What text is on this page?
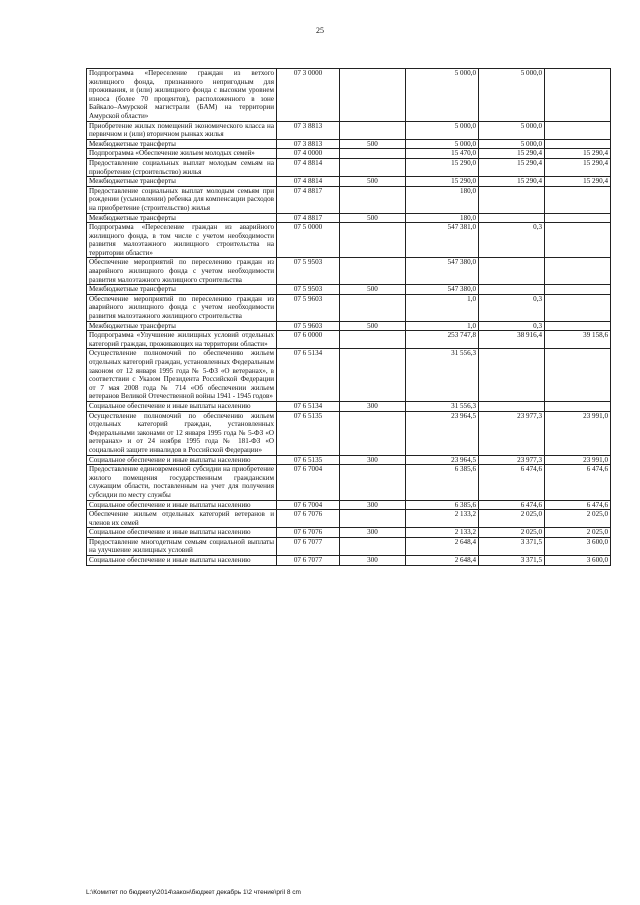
25
Подпрограмма «Переселение граждан из ветхого жилищного фонда, признанного непригодным для проживания, и (или) жилищного фонда с высоким уровнем износа (более 70 процентов), расположенного в зоне Байкало–Амурской магистрали (БАМ) на территории Амурской области»	07 3 0000		5 000,0	5 000,0	
Приобретение жилых помещений экономического класса на первичном и (или) вторичном рынках жилья	07 3 8813		5 000,0	5 000,0	
Межбюджетные трансферты	07 3 8813	500	5 000,0	5 000,0	
Подпрограмма «Обеспечение жильем молодых семей»	07 4 0000		15 470,0	15 290,4	15 290,4
Предоставление социальных выплат молодым семьям на приобретение (строительство) жилья	07 4 8814		15 290,0	15 290,4	15 290,4
Межбюджетные трансферты	07 4 8814	500	15 290,0	15 290,4	15 290,4
Предоставление социальных выплат молодым семьям при рождении (усыновлении) ребенка для компенсации расходов на приобретение (строительство) жилья	07 4 8817		180,0		
Межбюджетные трансферты	07 4 8817	500	180,0		
Подпрограмма «Переселение граждан из аварийного жилищного фонда, в том числе с учетом необходимости развития малоэтажного жилищного строительства на территории области»	07 5 0000		547 381,0	0,3	
Обеспечение мероприятий по переселению граждан из аварийного жилищного фонда с учетом необходимости развития малоэтажного жилищного строительства	07 5 9503		547 380,0		
Межбюджетные трансферты	07 5 9503	500	547 380,0		
Обеспечение мероприятий по переселению граждан из аварийного жилищного фонда с учетом необходимости развития малоэтажного жилищного строительства	07 5 9603		1,0	0,3	
Межбюджетные трансферты	07 5 9603	500	1,0	0,3	
Подпрограмма «Улучшение жилищных условий отдельных категорий граждан, проживающих на территории области»	07 6 0000		253 747,8	38 916,4	39 158,6
Осуществление полномочий по обеспечению жильем отдельных категорий граждан, установленных Федеральным законом от 12 января 1995 года № 5-ФЗ «О ветеранах», в соответствии с Указом Президента Российской Федерации от 7 мая 2008 года № 714 «Об обеспечении жильем ветеранов Великой Отечественной войны 1941 - 1945 годов»	07 6 5134		31 556,3		
Социальное обеспечение и иные выплаты населению	07 6 5134	300	31 556,3		
Осуществление полномочий по обеспечению жильем отдельных категорий граждан, установленных Федеральными законами от 12 января 1995 года № 5-ФЗ «О ветеранах» и от 24 ноября 1995 года № 181-ФЗ «О социальной защите инвалидов в Российской Федерации»	07 6 5135		23 964,5	23 977,3	23 991,0
Социальное обеспечение и иные выплаты населению	07 6 5135	300	23 964,5	23 977,3	23 991,0
Предоставление единовременной субсидии на приобретение жилого помещения государственным гражданским служащим области, поставленным на учет для получения субсидии по месту службы	07 6 7004		6 385,6	6 474,6	6 474,6
Социальное обеспечение и иные выплаты населению	07 6 7004	300	6 385,6	6 474,6	6 474,6
Обеспечение жильем отдельных категорий ветеранов и членов их семей	07 6 7076		2 133,2	2 025,0	2 025,0
Социальное обеспечение и иные выплаты населению	07 6 7076	300	2 133,2	2 025,0	2 025,0
Предоставление многодетным семьям социальной выплаты на улучшение жилищных условий	07 6 7077		2 648,4	3 371,5	3 600,0
Социальное обеспечение и иные выплаты населению	07 6 7077	300	2 648,4	3 371,5	3 600,0
L:\Комитет по бюджету\2014\закон\бюджет декабрь 1\2 чтение\pril 8 cm
